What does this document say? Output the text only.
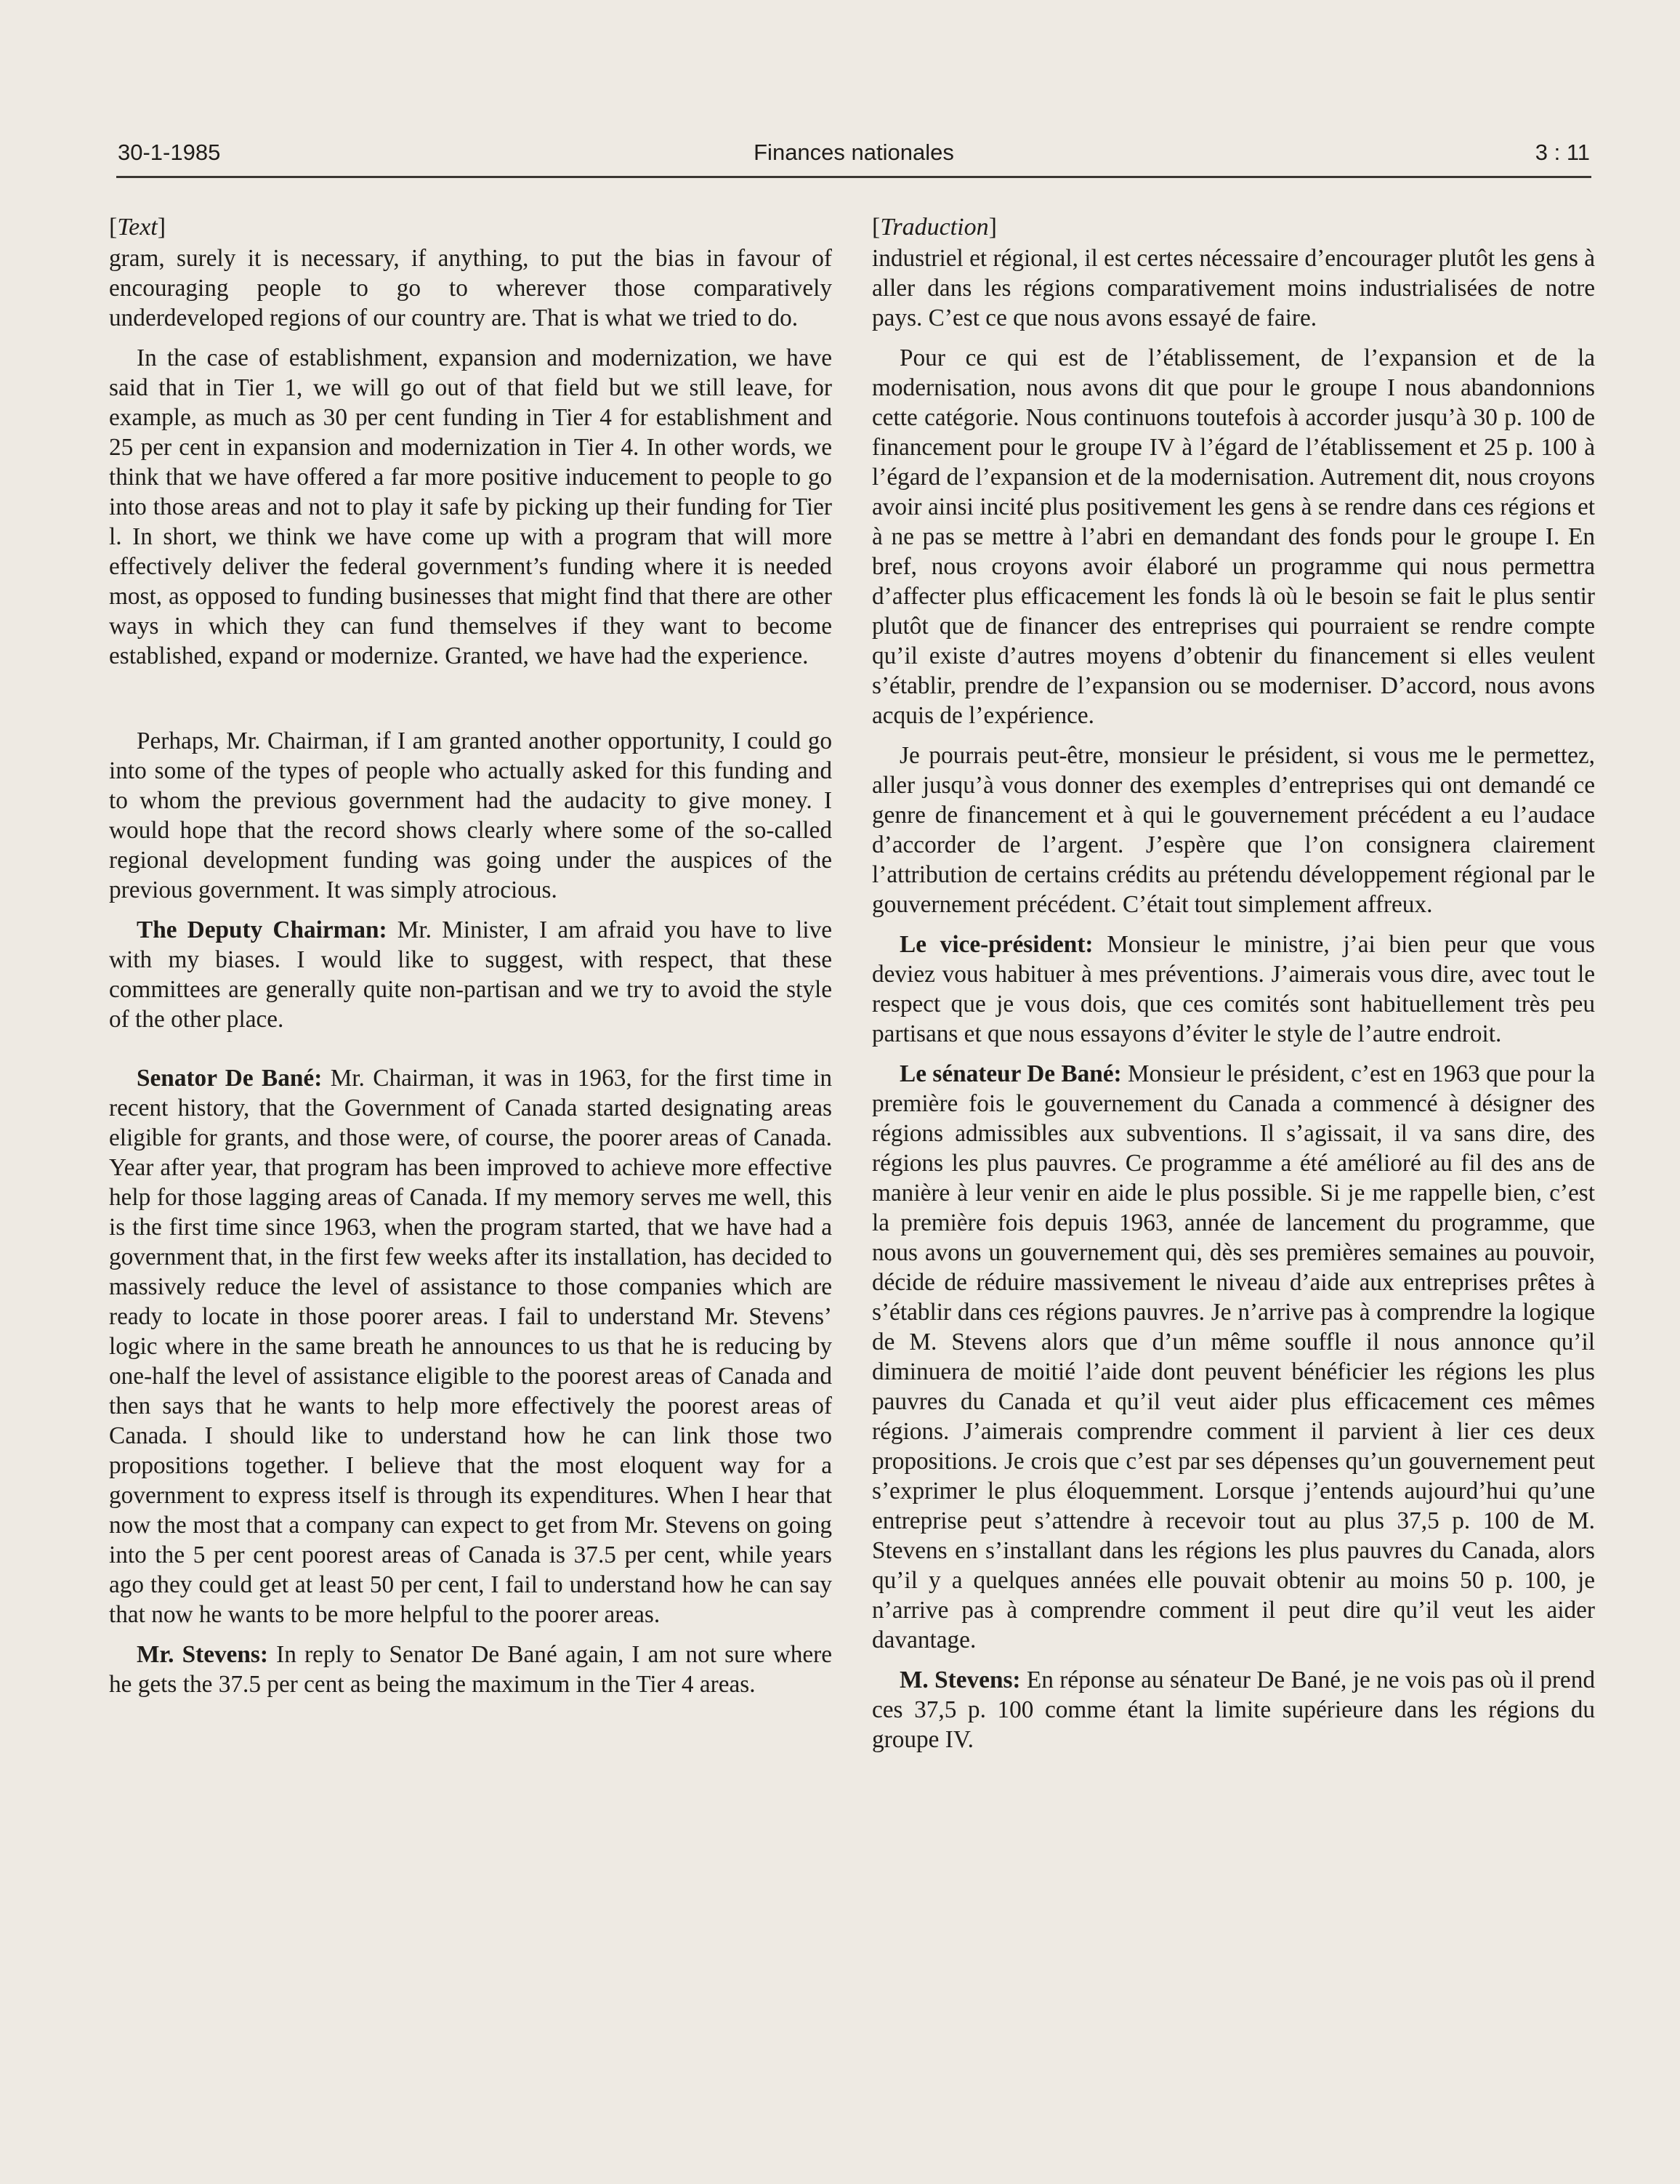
30-1-1985	Finances nationales	3 : 11
[Text]

gram, surely it is necessary, if anything, to put the bias in favour of encouraging people to go to wherever those comparatively underdeveloped regions of our country are. That is what we tried to do.

In the case of establishment, expansion and modernization, we have said that in Tier 1, we will go out of that field but we still leave, for example, as much as 30 per cent funding in Tier 4 for establishment and 25 per cent in expansion and modernization in Tier 4. In other words, we think that we have offered a far more positive inducement to people to go into those areas and not to play it safe by picking up their funding for Tier l. In short, we think we have come up with a program that will more effectively deliver the federal government’s funding where it is needed most, as opposed to funding businesses that might find that there are other ways in which they can fund themselves if they want to become established, expand or modernize. Granted, we have had the experience.

Perhaps, Mr. Chairman, if I am granted another opportunity, I could go into some of the types of people who actually asked for this funding and to whom the previous government had the audacity to give money. I would hope that the record shows clearly where some of the so-called regional development funding was going under the auspices of the previous government. It was simply atrocious.

The Deputy Chairman: Mr. Minister, I am afraid you have to live with my biases. I would like to suggest, with respect, that these committees are generally quite non-partisan and we try to avoid the style of the other place.

Senator De Bané: Mr. Chairman, it was in 1963, for the first time in recent history, that the Government of Canada started designating areas eligible for grants, and those were, of course, the poorer areas of Canada. Year after year, that program has been improved to achieve more effective help for those lagging areas of Canada. If my memory serves me well, this is the first time since 1963, when the program started, that we have had a government that, in the first few weeks after its installation, has decided to massively reduce the level of assistance to those companies which are ready to locate in those poorer areas. I fail to understand Mr. Stevens’ logic where in the same breath he announces to us that he is reducing by one-half the level of assistance eligible to the poorest areas of Canada and then says that he wants to help more effectively the poorest areas of Canada. I should like to understand how he can link those two propositions together. I believe that the most eloquent way for a government to express itself is through its expenditures. When I hear that now the most that a company can expect to get from Mr. Stevens on going into the 5 per cent poorest areas of Canada is 37.5 per cent, while years ago they could get at least 50 per cent, I fail to understand how he can say that now he wants to be more helpful to the poorer areas.

Mr. Stevens: In reply to Senator De Bané again, I am not sure where he gets the 37.5 per cent as being the maximum in the Tier 4 areas.

[Traduction]

industriel et régional, il est certes nécessaire d’encourager plutôt les gens à aller dans les régions comparativement moins industrialisées de notre pays. C’est ce que nous avons essayé de faire.

Pour ce qui est de l’établissement, de l’expansion et de la modernisation, nous avons dit que pour le groupe I nous abandonnions cette catégorie. Nous continuons toutefois à accorder jusqu’à 30 p. 100 de financement pour le groupe IV à l’égard de l’établissement et 25 p. 100 à l’égard de l’expansion et de la modernisation. Autrement dit, nous croyons avoir ainsi incité plus positivement les gens à se rendre dans ces régions et à ne pas se mettre à l’abri en demandant des fonds pour le groupe I. En bref, nous croyons avoir élaboré un programme qui nous permettra d’affecter plus efficacement les fonds là où le besoin se fait le plus sentir plutôt que de financer des entreprises qui pourraient se rendre compte qu’il existe d’autres moyens d’obtenir du financement si elles veulent s’établir, prendre de l’expansion ou se moderniser. D’accord, nous avons acquis de l’expérience.

Je pourrais peut-être, monsieur le président, si vous me le permettez, aller jusqu’à vous donner des exemples d’entreprises qui ont demandé ce genre de financement et à qui le gouvernement précédent a eu l’audace d’accorder de l’argent. J’espère que l’on consignera clairement l’attribution de certains crédits au prétendu développement régional par le gouvernement précédent. C’était tout simplement affreux.

Le vice-président: Monsieur le ministre, j’ai bien peur que vous deviez vous habituer à mes préventions. J’aimerais vous dire, avec tout le respect que je vous dois, que ces comités sont habituellement très peu partisans et que nous essayons d’éviter le style de l’autre endroit.

Le sénateur De Bané: Monsieur le président, c’est en 1963 que pour la première fois le gouvernement du Canada a commencé à désigner des régions admissibles aux subventions. Il s’agissait, il va sans dire, des régions les plus pauvres. Ce programme a été amélioré au fil des ans de manière à leur venir en aide le plus possible. Si je me rappelle bien, c’est la première fois depuis 1963, année de lancement du programme, que nous avons un gouvernement qui, dès ses premières semaines au pouvoir, décide de réduire massivement le niveau d’aide aux entreprises prêtes à s’établir dans ces régions pauvres. Je n’arrive pas à comprendre la logique de M. Stevens alors que d’un même souffle il nous annonce qu’il diminuera de moitié l’aide dont peuvent bénéficier les régions les plus pauvres du Canada et qu’il veut aider plus efficacement ces mêmes régions. J’aimerais comprendre comment il parvient à lier ces deux propositions. Je crois que c’est par ses dépenses qu’un gouvernement peut s’exprimer le plus éloquemment. Lorsque j’entends aujourd’hui qu’une entreprise peut s’attendre à recevoir tout au plus 37,5 p. 100 de M. Stevens en s’installant dans les régions les plus pauvres du Canada, alors qu’il y a quelques années elle pouvait obtenir au moins 50 p. 100, je n’arrive pas à comprendre comment il peut dire qu’il veut les aider davantage.

M. Stevens: En réponse au sénateur De Bané, je ne vois pas où il prend ces 37,5 p. 100 comme étant la limite supérieure dans les régions du groupe IV.
